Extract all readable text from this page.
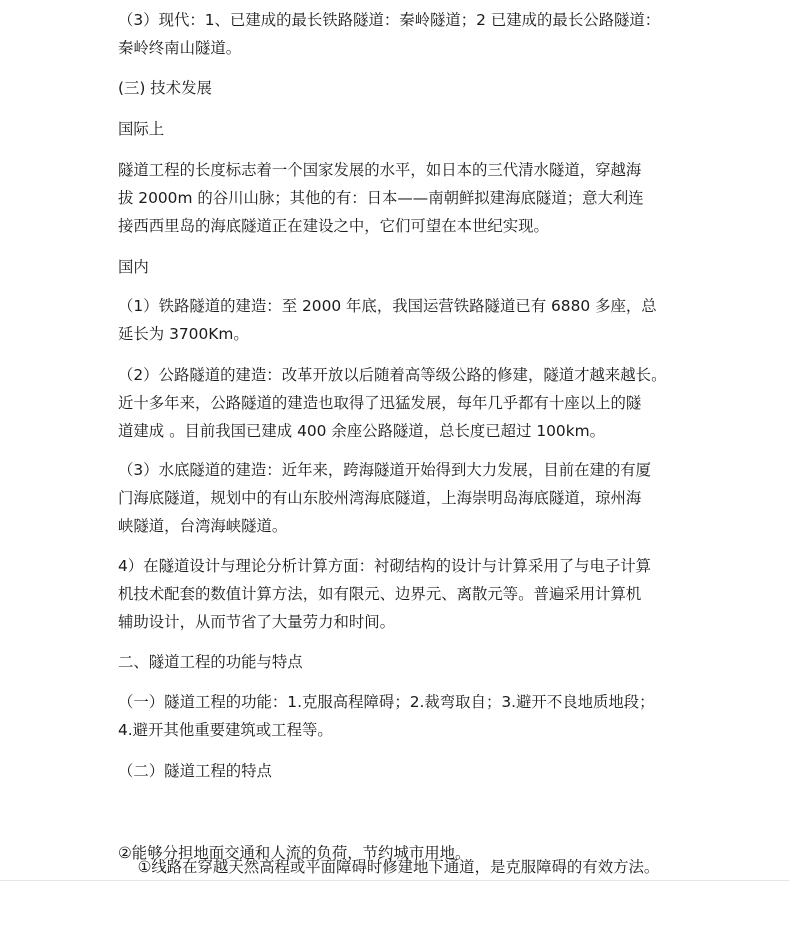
（3）现代：1、已建成的最长铁路隧道：秦岭隧道；2 已建成的最长公路隧道：
秦岭终南山隧道。

(三) 技术发展

国际上

隧道工程的长度标志着一个国家发展的水平，如日本的三代清水隧道，穿越海
拔 2000m 的谷川山脉；其他的有：日本——南朝鲜拟建海底隧道；意大利连
接西西里岛的海底隧道正在建设之中，它们可望在本世纪实现。

国内

（1）铁路隧道的建造：至 2000 年底，我国运营铁路隧道已有 6880 多座，总
延长为 3700Km。

（2）公路隧道的建造：改革开放以后随着高等级公路的修建，隧道才越来越长。
近十多年来，公路隧道的建造也取得了迅猛发展，每年几乎都有十座以上的隧
道建成 。目前我国已建成 400 余座公路隧道，总长度已超过 100km。

（3）水底隧道的建造：近年来，跨海隧道开始得到大力发展，目前在建的有厦
门海底隧道，规划中的有山东胶州湾海底隧道，上海崇明岛海底隧道，琼州海
峡隧道，台湾海峡隧道。

4）在隧道设计与理论分析计算方面：衬砌结构的设计与计算采用了与电子计算
机技术配套的数值计算方法，如有限元、边界元、离散元等。普遍采用计算机
辅助设计，从而节省了大量劳力和时间。

二、隧道工程的功能与特点

（一）隧道工程的功能：1.克服高程障碍；2.裁弯取自；3.避开不良地质地段；
4.避开其他重要建筑或工程等。

（二）隧道工程的特点

①线路在穿越天然高程或平面障碍时修建地下通道，是克服障碍的有效方法。

②能够分担地面交通和人流的负荷，节约城市用地。
